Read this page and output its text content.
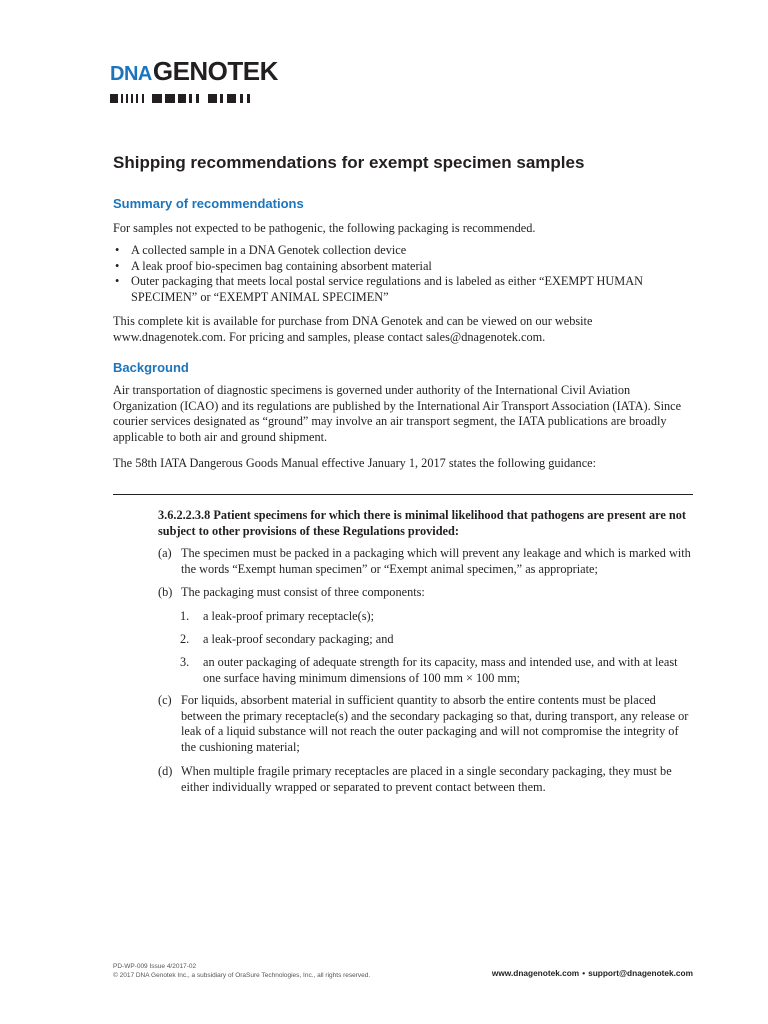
DNA GENOTEK
Shipping recommendations for exempt specimen samples
Summary of recommendations

For samples not expected to be pathogenic, the following packaging is recommended.

• A collected sample in a DNA Genotek collection device
• A leak proof bio-specimen bag containing absorbent material
• Outer packaging that meets local postal service regulations and is labeled as either “EXEMPT HUMAN SPECIMEN” or “EXEMPT ANIMAL SPECIMEN”

This complete kit is available for purchase from DNA Genotek and can be viewed on our website www.dnagenotek.com. For pricing and samples, please contact sales@dnagenotek.com.

Background

Air transportation of diagnostic specimens is governed under authority of the International Civil Aviation Organization (ICAO) and its regulations are published by the International Air Transport Association (IATA). Since courier services designated as “ground” may involve an air transport segment, the IATA publications are broadly applicable to both air and ground shipment.

The 58th IATA Dangerous Goods Manual effective January 1, 2017 states the following guidance:

3.6.2.2.3.8 Patient specimens for which there is minimal likelihood that pathogens are present are not subject to other provisions of these Regulations provided:

(a) The specimen must be packed in a packaging which will prevent any leakage and which is marked with the words “Exempt human specimen” or “Exempt animal specimen,” as appropriate;
(b) The packaging must consist of three components:
1. a leak-proof primary receptacle(s);
2. a leak-proof secondary packaging; and
3. an outer packaging of adequate strength for its capacity, mass and intended use, and with at least one surface having minimum dimensions of 100 mm × 100 mm;
(c) For liquids, absorbent material in sufficient quantity to absorb the entire contents must be placed between the primary receptacle(s) and the secondary packaging so that, during transport, any release or leak of a liquid substance will not reach the outer packaging and will not compromise the integrity of the cushioning material;
(d) When multiple fragile primary receptacles are placed in a single secondary packaging, they must be either individually wrapped or separated to prevent contact between them.
PD-WP-009 Issue 4/2017-02
© 2017 DNA Genotek Inc., a subsidiary of OraSure Technologies, Inc., all rights reserved.	www.dnagenotek.com • support@dnagenotek.com
